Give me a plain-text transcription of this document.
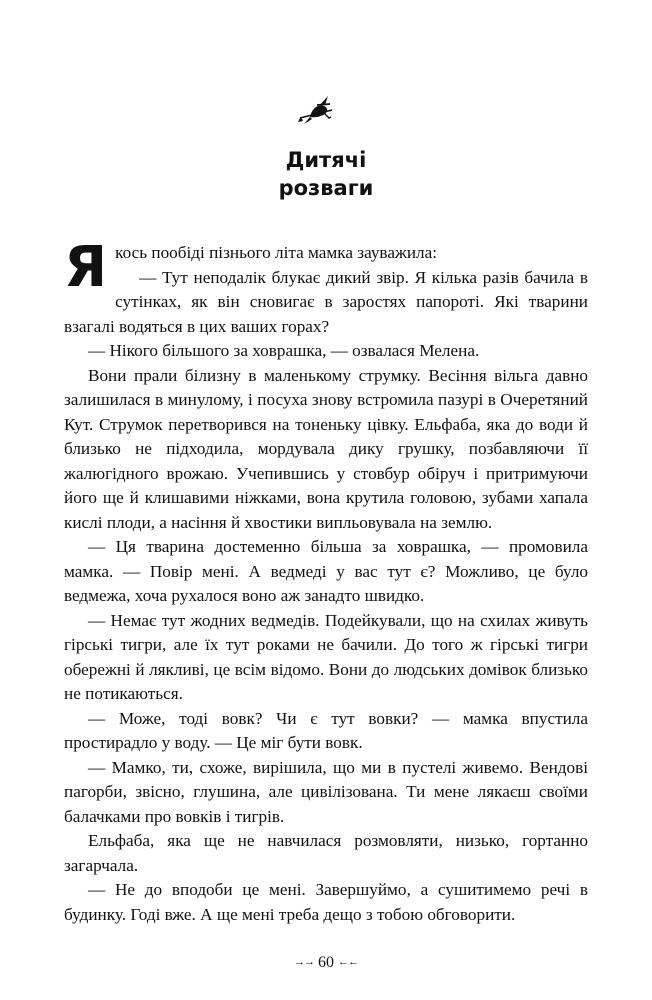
Дитячі
розваги

Якось пообіді пізнього літа мамка зауважила:

— Тут неподалік блукає дикий звір. Я кілька разів бачила в сутінках, як він сновигає в заростях папороті. Які тварини взагалі водяться в цих ваших горах?

— Нікого більшого за ховрашка, — озвалася Мелена.

Вони прали білизну в маленькому струмку. Весіння вільга давно залишилася в минулому, і посуха знову встромила пазурі в Очеретяний Кут. Струмок перетворився на тоненьку цівку. Ельфаба, яка до води й близько не підходила, мордувала дику грушку, позбавляючи її жалюгідного врожаю. Учепившись у стовбур обіруч і притримуючи його ще й клишавими ніжками, вона крутила головою, зубами хапала кислі плоди, а насіння й хвостики випльовувала на землю.

— Ця тварина достеменно більша за ховрашка, — промовила мамка. — Повір мені. А ведмеді у вас тут є? Можливо, це було ведмежа, хоча рухалося воно аж занадто швидко.

— Немає тут жодних ведмедів. Подейкували, що на схилах живуть гірські тигри, але їх тут роками не бачили. До того ж гірські тигри обережні й лякливі, це всім відомо. Вони до людських домівок близько не потикаються.

— Може, тоді вовк? Чи є тут вовки? — мамка впустила простирадло у воду. — Це міг бути вовк.

— Мамко, ти, схоже, вирішила, що ми в пустелі живемо. Вендові пагорби, звісно, глушина, але цивілізована. Ти мене лякаєш своїми балачками про вовків і тигрів.

Ельфаба, яка ще не навчилася розмовляти, низько, гортанно загарчала.

— Не до вподоби це мені. Завершуймо, а сушитимемо речі в будинку. Годі вже. А ще мені треба дещо з тобою обговорити.

→→ 60 ←←
